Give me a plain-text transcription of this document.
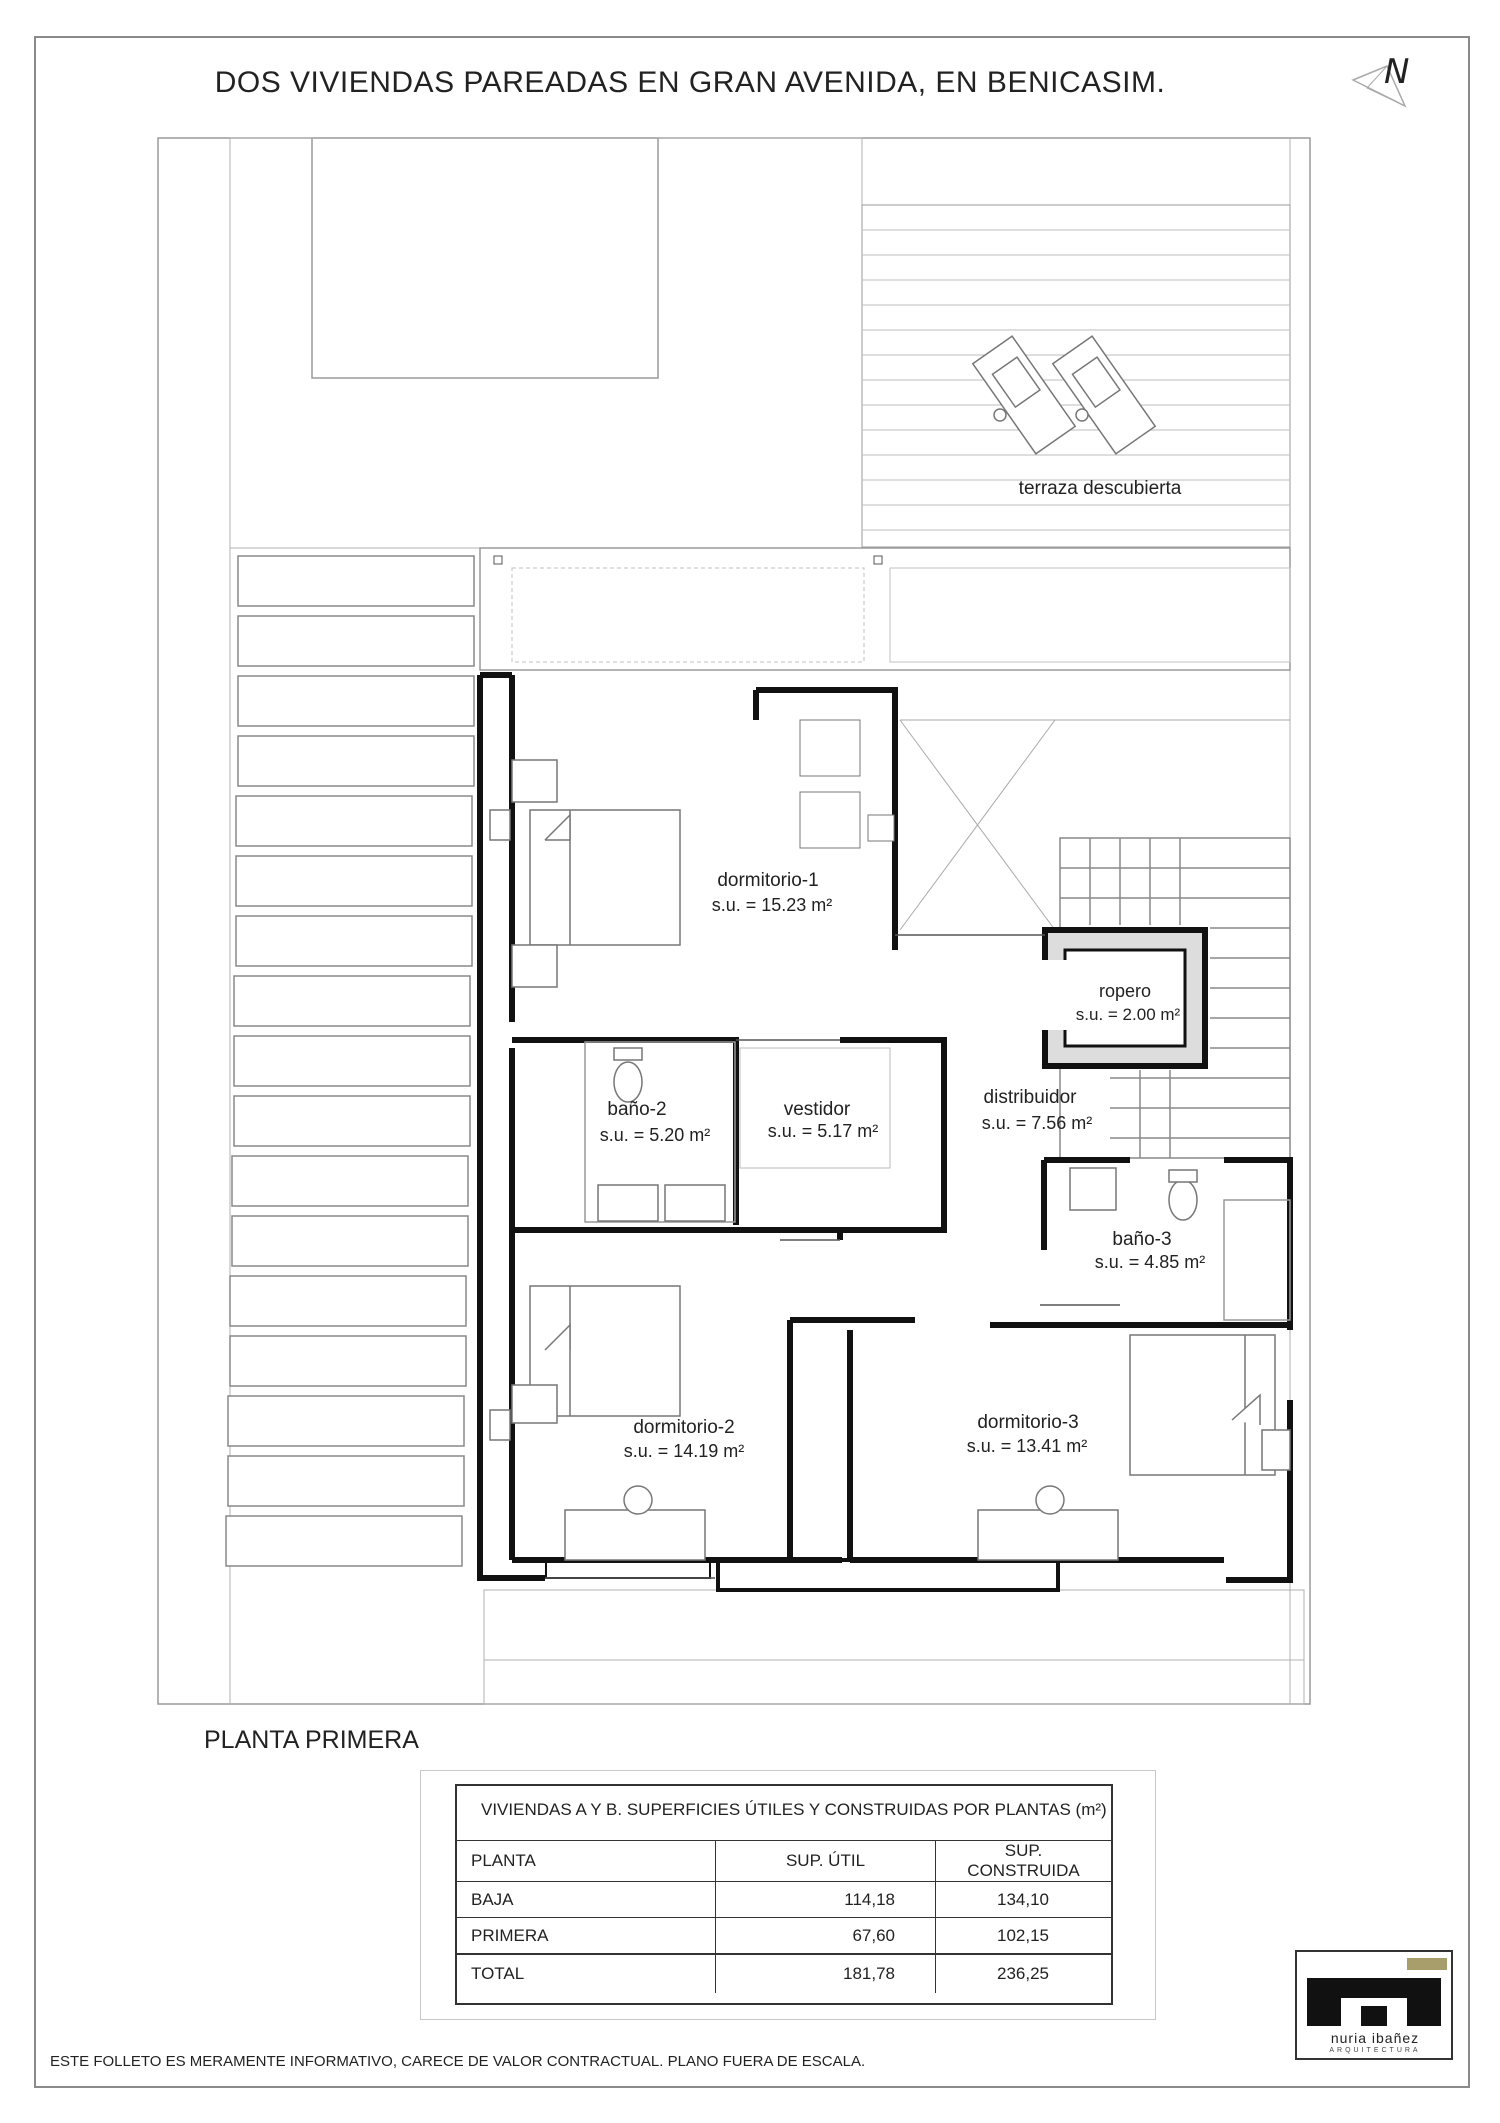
DOS VIVIENDAS PAREADAS EN GRAN AVENIDA, EN BENICASIM.	N
terraza descubierta
dormitorio-1
s.u. = 15.23 m²
ropero
s.u. = 2.00 m²
baño-2
s.u. = 5.20 m²
vestidor
s.u. = 5.17 m²
distribuidor
s.u. = 7.56 m²
baño-3
s.u. = 4.85 m²
dormitorio-2
s.u. = 14.19 m²
dormitorio-3
s.u. = 13.41 m²
PLANTA PRIMERA
VIVIENDAS A Y B. SUPERFICIES ÚTILES Y CONSTRUIDAS POR PLANTAS (m²)
PLANTA	SUP. ÚTIL	SUP. CONSTRUIDA
BAJA	114,18	134,10
PRIMERA	67,60	102,15
TOTAL	181,78	236,25
ESTE FOLLETO ES MERAMENTE INFORMATIVO, CARECE DE VALOR CONTRACTUAL. PLANO FUERA DE ESCALA.
nuria ibañez
ARQUITECTURA
